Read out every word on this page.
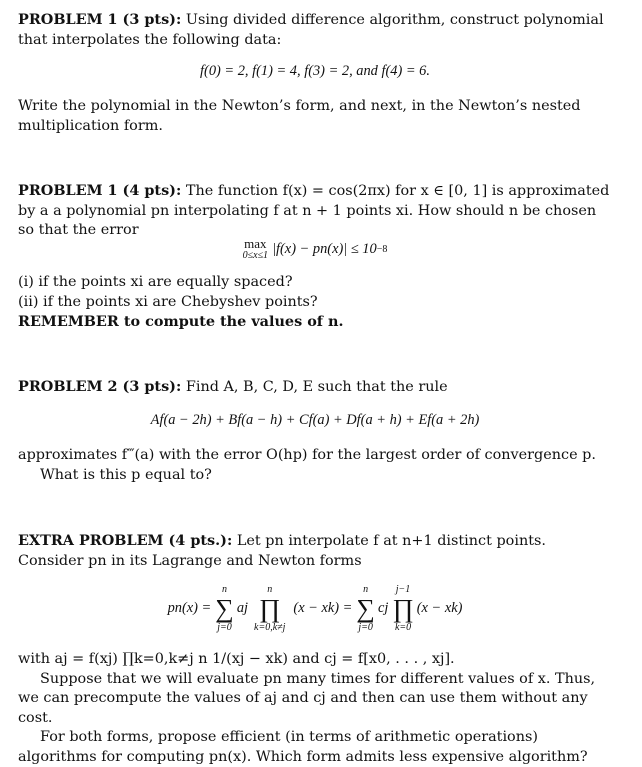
PROBLEM 1 (3 pts): Using divided difference algorithm, construct polynomial that interpolates the following data:

f(0) = 2, f(1) = 4, f(3) = 2, and f(4) = 6.

Write the polynomial in the Newton’s form, and next, in the Newton’s nested multiplication form.

PROBLEM 1 (4 pts): The function f(x) = cos(2πx) for x ∈ [0, 1] is approximated by a a polynomial pn interpolating f at n + 1 points xi. How should n be chosen so that the error

max
0≤x≤1 |f(x) − pn(x)| ≤ 10 −8

(i) if the points xi are equally spaced?

(ii) if the points xi are Chebyshev points?

REMEMBER to compute the values of n.

PROBLEM 2 (3 pts): Find A, B, C, D, E such that the rule

Af(a − 2h) + Bf(a − h) + Cf(a) + Df(a + h) + Ef(a + 2h)

approximates f‴(a) with the error O(hp) for the largest order of convergence p.

What is this p equal to?

EXTRA PROBLEM (4 pts.): Let pn interpolate f at n+1 distinct points. Consider pn in its Lagrange and Newton forms

pn(x) =
n
∑
j=0
aj
n
∏
k=0,k≠j
(x − xk) =
n
∑
j=0
cj
j−1
∏
k=0
(x − xk)

with aj = f(xj) ∏k=0,k≠j n 1/(xj − xk) and cj = f[x0, . . . , xj].

Suppose that we will evaluate pn many times for different values of x. Thus, we can precompute the values of aj and cj and then can use them without any cost.

For both forms, propose efficient (in terms of arithmetic operations) algorithms for computing pn(x). Which form admits less expensive algorithm?
